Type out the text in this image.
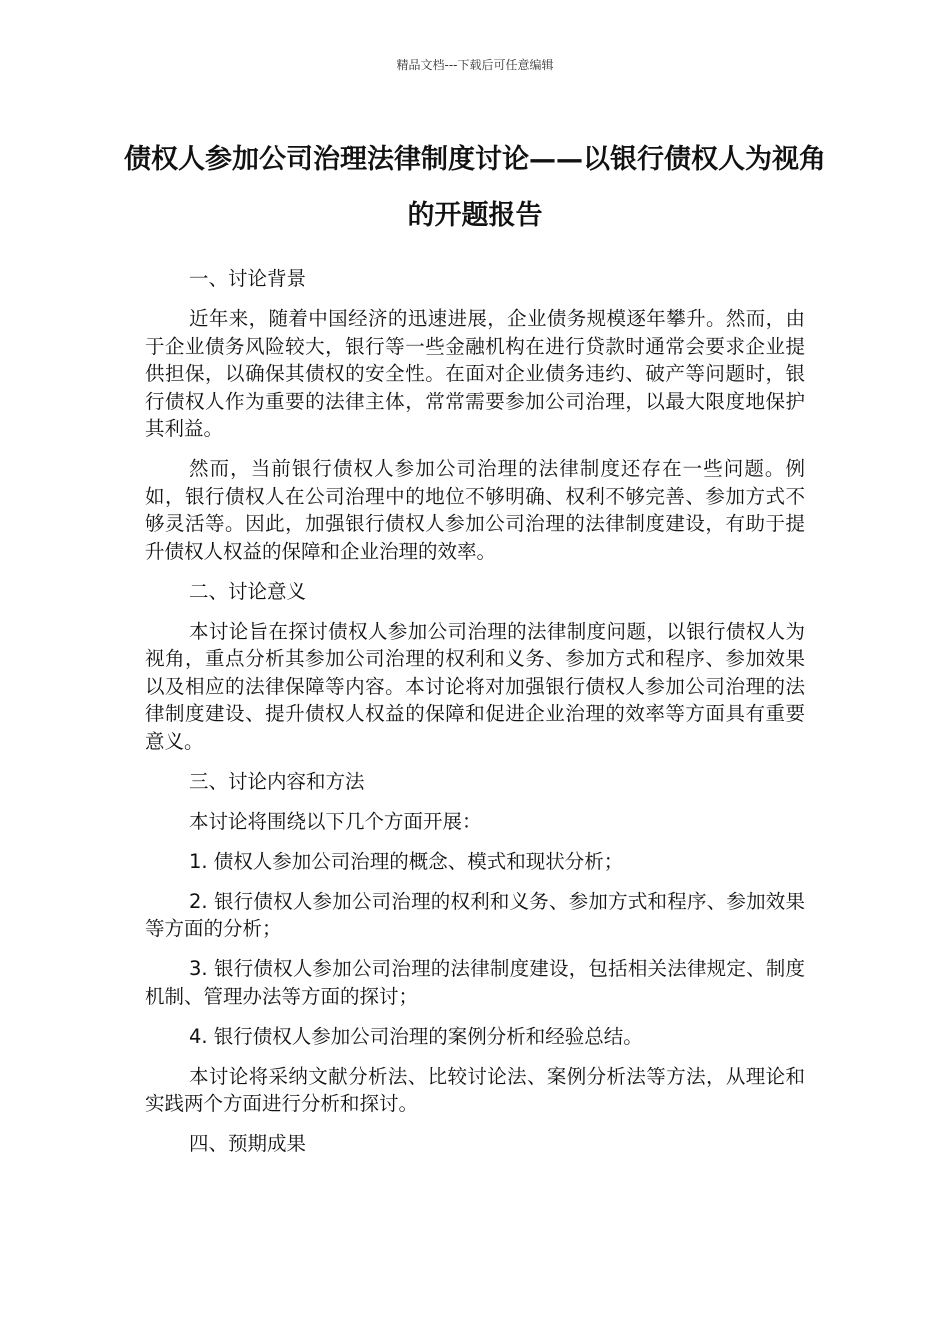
精品文档---下载后可任意编辑
债权人参加公司治理法律制度讨论——以银行债权人为视角的开题报告

一、讨论背景

近年来，随着中国经济的迅速进展，企业债务规模逐年攀升。然而，由于企业债务风险较大，银行等一些金融机构在进行贷款时通常会要求企业提供担保，以确保其债权的安全性。在面对企业债务违约、破产等问题时，银行债权人作为重要的法律主体，常常需要参加公司治理，以最大限度地保护其利益。

然而，当前银行债权人参加公司治理的法律制度还存在一些问题。例如，银行债权人在公司治理中的地位不够明确、权利不够完善、参加方式不够灵活等。因此，加强银行债权人参加公司治理的法律制度建设，有助于提升债权人权益的保障和企业治理的效率。

二、讨论意义

本讨论旨在探讨债权人参加公司治理的法律制度问题，以银行债权人为视角，重点分析其参加公司治理的权利和义务、参加方式和程序、参加效果以及相应的法律保障等内容。本讨论将对加强银行债权人参加公司治理的法律制度建设、提升债权人权益的保障和促进企业治理的效率等方面具有重要意义。

三、讨论内容和方法

本讨论将围绕以下几个方面开展：

1. 债权人参加公司治理的概念、模式和现状分析；

2. 银行债权人参加公司治理的权利和义务、参加方式和程序、参加效果等方面的分析；

3. 银行债权人参加公司治理的法律制度建设，包括相关法律规定、制度机制、管理办法等方面的探讨；

4. 银行债权人参加公司治理的案例分析和经验总结。

本讨论将采纳文献分析法、比较讨论法、案例分析法等方法，从理论和实践两个方面进行分析和探讨。

四、预期成果
